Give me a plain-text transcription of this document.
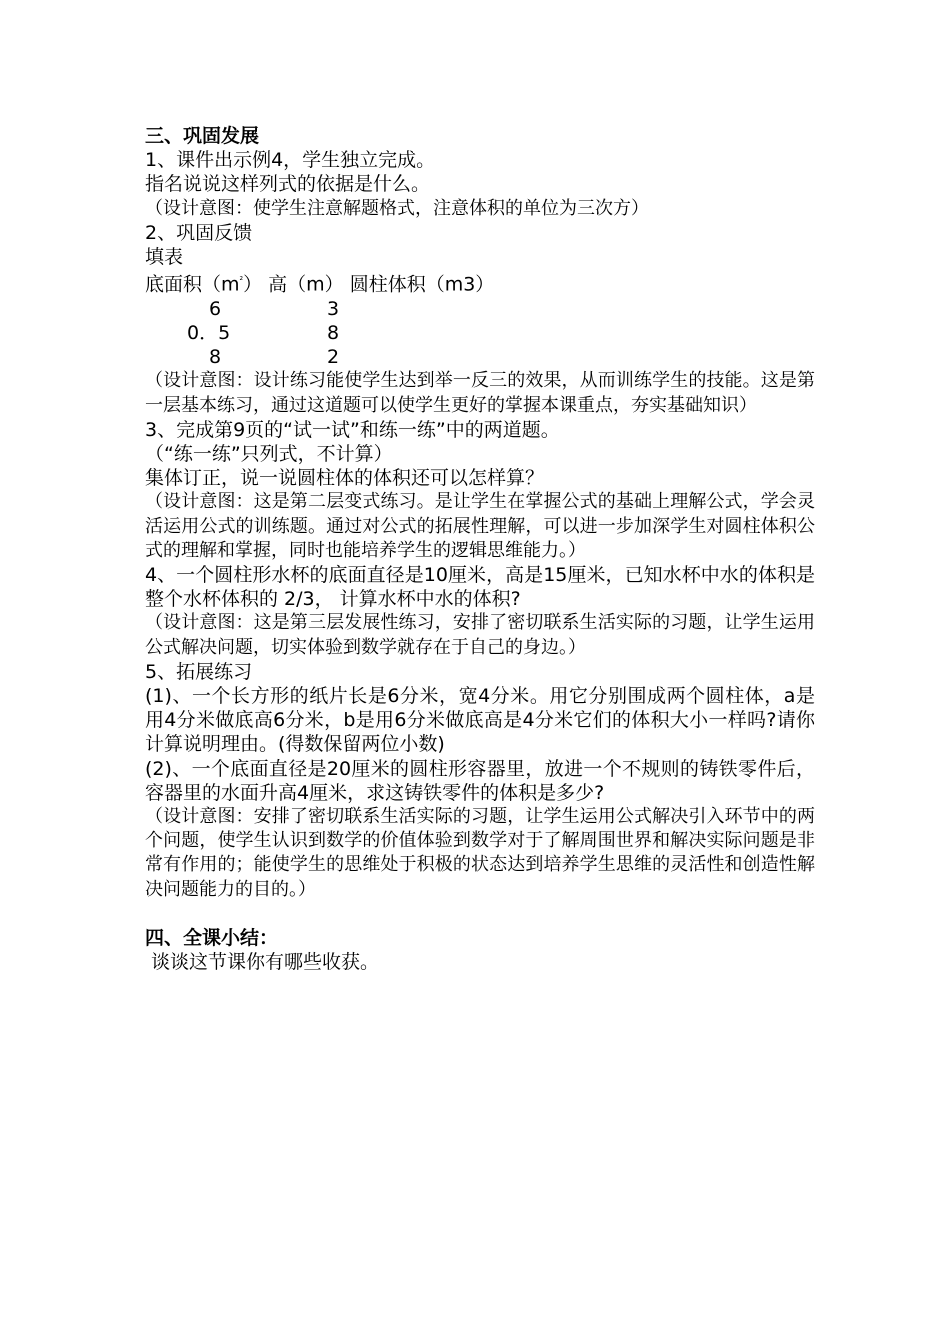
三、巩固发展
1、课件出示例4，学生独立完成。
指名说说这样列式的依据是什么。
（设计意图：使学生注意解题格式，注意体积的单位为三次方）
2、巩固反馈
填表
底面积$(m^{^2})$ 高（m） 圆柱体积（m3）
6	3
0．5	8
8	2
（设计意图：设计练习能使学生达到举一反三的效果，从而训练学生的技能。这是第一层基本练习，通过这道题可以使学生更好的掌握本课重点，夯实基础知识）
3、完成第9页的“试一试”和练一练”中的两道题。
（“练一练”只列式，不计算）
集体订正，说一说圆柱体的体积还可以怎样算？
（设计意图：这是第二层变式练习。是让学生在掌握公式的基础上理解公式，学会灵活运用公式的训练题。通过对公式的拓展性理解，可以进一步加深学生对圆柱体积公式的理解和掌握，同时也能培养学生的逻辑思维能力。）
4、一个圆柱形水杯的底面直径是10厘米，高是15厘米，已知水杯中水的体积是整个水杯体积的 2/3， 计算水杯中水的体积?
（设计意图：这是第三层发展性练习，安排了密切联系生活实际的习题，让学生运用公式解决问题，切实体验到数学就存在于自己的身边。）
5、拓展练习
(1)、一个长方形的纸片长是6分米，宽4分米。用它分别围成两个圆柱体，a是用4分米做底高6分米，b是用6分米做底高是4分米它们的体积大小一样吗?请你计算说明理由。(得数保留两位小数)
(2)、一个底面直径是20厘米的圆柱形容器里，放进一个不规则的铸铁零件后，容器里的水面升高4厘米，求这铸铁零件的体积是多少?
（设计意图：安排了密切联系生活实际的习题，让学生运用公式解决引入环节中的两个问题，使学生认识到数学的价值体验到数学对于了解周围世界和解决实际问题是非常有作用的；能使学生的思维处于积极的状态达到培养学生思维的灵活性和创造性解决问题能力的目的。）
四、全课小结：
谈谈这节课你有哪些收获。
